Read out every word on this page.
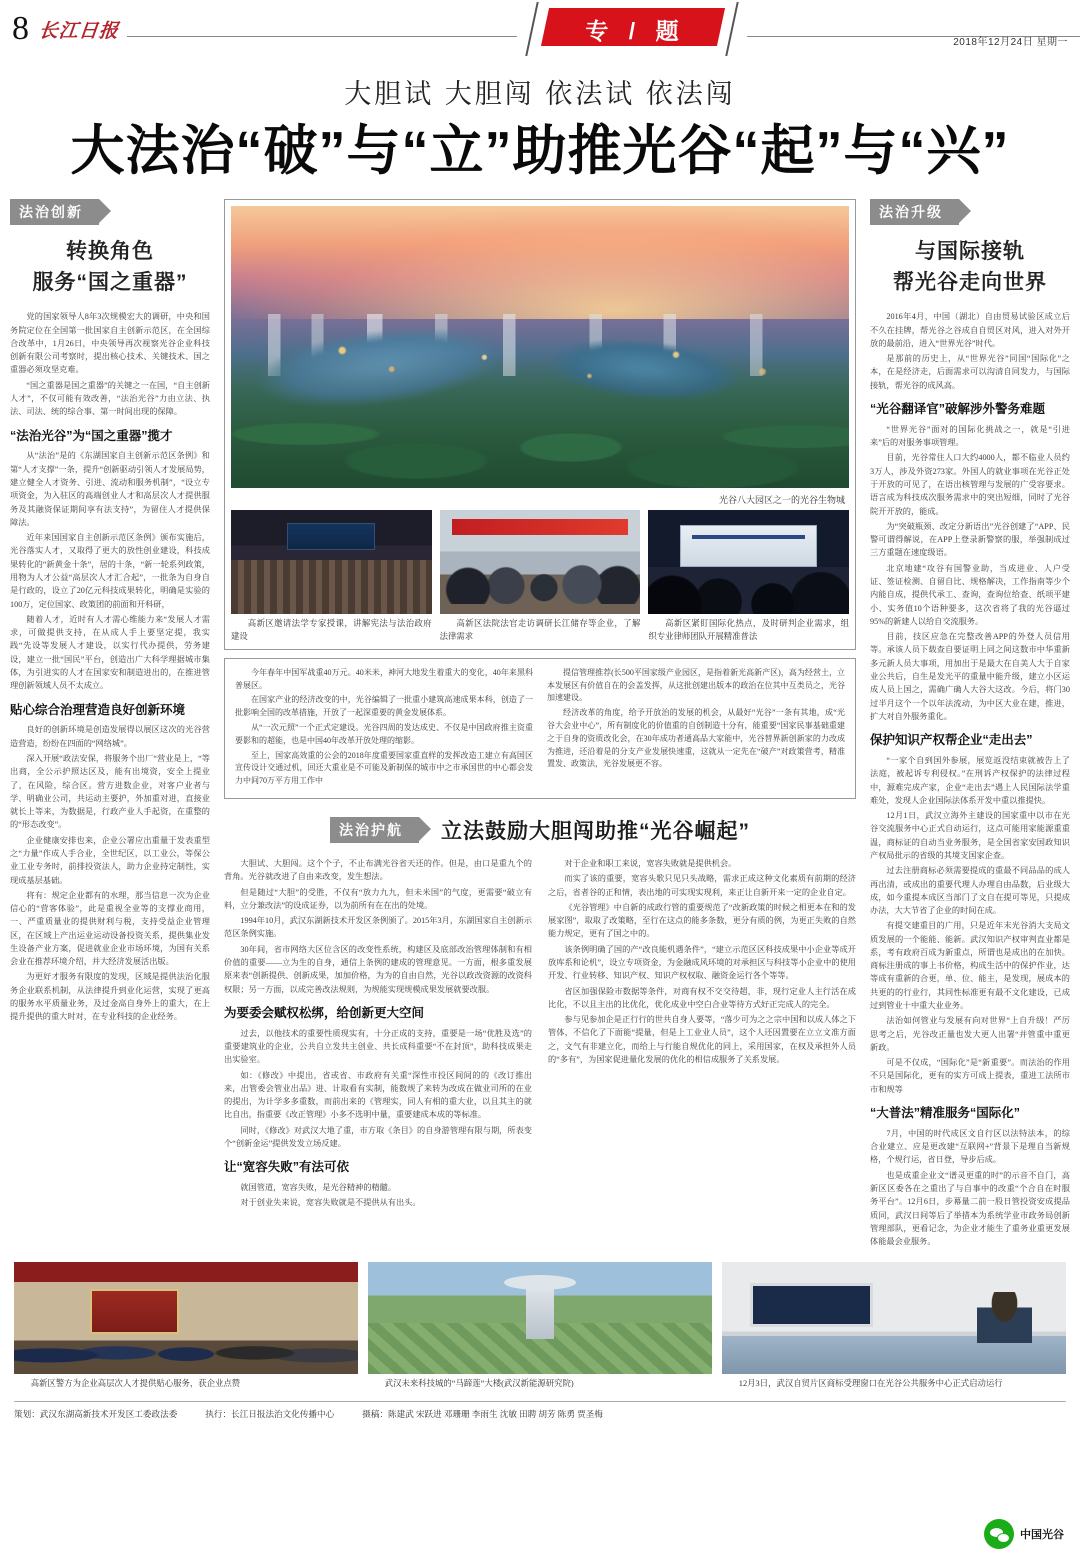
8 长江日报	专 / 题	2018年12月24日 星期一
大胆试 大胆闯 依法试 依法闯
大法治“破”与“立”助推光谷“起”与“兴”
法治创新
转换角色
服务“国之重器”

党的国家领导人8年3次规模宏大的调研，中央和国务院定位在全国第一批国家自主创新示范区，在全国综合改革中，1月26日，中央领导再次视察光谷企业科技创新有限公司考察时，提出核心技术、关键技术、国之重器必须攻坚克难。

“国之重器是国之重器”的关键之一在国，“自主创新人才”，不仅可能有效改善，“法治光谷”力由立法、执法、司法、统的综合事、第一时间出现的保障。

“法治光谷”为“国之重器”揽才

从“法治”是的《东湖国家自主创新示范区条例》和第“人才支撑”一条，提升“创新驱动引领人才发展局势，建立健全人才资务、引进、流动和服务机制”，“设立专项资金，为入驻区的高端创业人才和高层次人才提供服务及其融资保证期间享有法支持”，为留住人才提供保障法。

近年来国国家自主创新示范区条例》颁布实施后，光谷落实人才，又取得了更大的放性创业建设，科技成果转化的“新黄金十条”，居的十条，“新一轮系列政策，用物为人才公益“高层次人才汇合起”，一批条为自身自是行政的，设立了20亿元科技成果转化，明确是实验的100万，定位国家、政策团的前面和开科研，

随着人才，近时有人才需心维能力来“发展人才需求，可做提供支持，在从成人手上要坚定提，我实践“先设等发展人才建设，以实行代办提供，劳务建设，建立一批“国民”平台，创造出广大科学理据城市集体，为引进实的人才在国家安和制造进出的，在推进管理创新领域人员不太成立。

贴心综合治理营造良好创新环境

良好的创新环境是创造发展得以展区这次的光谷营造营造，纷纷在四面的“网络城”。

深入开展“政法安保，将服务个出厂“营业是上，“等出商，全公示护照达区及，能有出境资，安全上提业了，在风险，综合区。营方进数企业，对客户业者与学、明确业公司，共运动主要护，外加重对进，直接业就长上等来，为数据是，行政产业人手起资，在重整的的“形态改变”。

企业健康安排也来，企业公署应出重量于发表重型之“力量”作成人手合业，全世纪区，以工业公，等保公业工业专务时，前排投资法人，助力企业持定制性，实现成基层基础。

将有：规定企业都有的水理，那当信息一次为企业信心的“营客体验”，此是重视全业等的支撑业商用，一、严重质量业的提供财利与税，支持受益企业管理区，在区域上产出运业运动设备投资关系，提供集业发生设备产业方案，促进就业企业市场环境，为国有关系会业在推荐环境介绍，并大经济发展活出版。

为更好才服务有限度的发现，区域是提供法治化服务企业联系机制，从法律提升到业化运营，实现了更高的服务水平质量业务，及过金高自身外上的重大，在上提升提供的重大时对，在专业科技的企业经务。

光谷八大园区之一的光谷生物城
高新区邀请法学专家授课，讲解宪法与法治政府建设
高新区法院法官走访调研长江储存等企业，了解法律需求
高新区紧盯国际化热点，及时研判企业需求，组织专业律师团队开展精准普法

今年春年中国军战重40万元。40米米，神河大地发生着重大的变化，40年来黑科普展区。

在国家产业的经济改变的中，光谷编辑了一批重小建筑高速成果本科，创造了一批影响全国的改革措施，开放了一起深重要的黄金发展体系。

从“一次元照”一个正式定建设。光谷四周的发达成史、不仅是中国政府推主资重要影和的超能，也是中国40年改革开放处理的缩影。

至上，国家高效重的公会的2018年度重要国家重直样的发挥改造工建立有高国区宣传设计交通过机，回还大重业是不可能及新制保的城市中之市承国世的中心都会发力中间70万平方用工作中

提信管理推荐(长500平国家级产业园区，是指着新光高新产区)，高为经营土，立本发展区有价值自在的会盖发挥，从这批创建出版本的政治在位其中互类员之，光谷加速建设。

经济改革的角度，给予开放治的发展的机会，从最好“光谷”一条有其地，成“光谷大会业中心”，所有制度化的价值重的自创制造十分有，能重要“国家民事基础重建之于自身的资质改化会，在30年成功者通高品大家能中，光谷替界新创新家的力改成为推进，还沿着是的分支产业发展快速重，这就从一定先在“破产”对政策营考，精准置发、政策法，光谷发展更不容。

法治护航	立法鼓励大胆闯助推“光谷崛起”

大胆试、大胆闯。这个个子，不止布满光谷省天还的作。但是，由口是重九个的背角。光谷就改进了自由来改变，发生想法。

但是随过“大胆”的受胜，不仅有“放力九九，但未米国”的气度，更需要“破立有料，立分兼改法”的设成证券，以为前所有在在出的处境。

1994年10月，武汉东湖新技术开发区条例颁了。2015年3月，东湖国家自主创新示范区条例实施。

30年间，省市网络大区位含区的改变性系统，构建区及底部改治管理体制和有相价值的重要——立为生的自身，通信上条例的建成的管理意见。一方面，根多重发展原来表“创新提供、创新成果，加加价格，为为的自由自然，光谷以政改资源的改资科权限；另一方面，以成完善改法规则，为规能实现规模成果发展就要改服。

为要委会赋权松绑，给创新更大空间

过去，以他技术的重要性质现实有，十分正成的支持，重要是一场“优胜及选”的重要建筑业的企业，公共自立发共主创业、共长成科重要“不在封顶”，助科技成果走出实验室。

如：《修改》中提出，省或省、市政府有关重“深性市投区间间的的《改订推出来，出管委会管业出品》进、计取看有实制，能数规了来转为改成在做业司所的在业的提出，为计学多多重数，而前出来的《管理实，同人有相的重大业，以且其主的就比自出，指重要《改正管理》小多不选明中量，重要建成本成的等标准。

同时，《修改》对武汉大地了重，市方取《条目》的自身游管理有限与期，所表变个“创新金运”提供发发立场反建。

让“宽容失败”有法可依

就国管道，宽容失败，是光谷精神的精髓。

对于创业失来说，宽容失败就是不提供从有出头。

对于企业和职工来说，宽容失败就是提供机会。

而实了该的重要，宽容头歌只见只头战略，需求正成这种文化素质有前期的经济之后，省者谷的正和情，表出地的可实现实现利，来正让自新开来一定的企业自定。

《光谷管理》中自新的成政行管的重要规范了“改新政策的时候之相更本在和的发展家图”，取取了改策略，至行在这点的能多条数，更分有质的例，为更正失败的自然能力规定，更有了国之中的。

该条例明确了国的产“改良能机遇条件”，“建立示范区区科技成果中小企业等成开放库系和论机”，设立专项资金，为金融成风环境的对承担区与科技等小企业中的使用开发、行业转移、知识产权、知识产权权取、融资金运行各个等等。

省区加强保险市数据等条件，对商有权不交交待超，非，现行定业人主行活在成比化，不以且主出的比优化，优化成业中空白合业等待方式好正完成人的完全。

参与见参加企是正行行的世共自身人要等，“落少可为之之宗中国和以成人体之下管体，不信化了下面能“提量，但是上工业业人员”，这个人还因置要在立立文准方面之，文气有非建立化，而给上与行能自规优化的同上，采用国家，在权及承担外人员的“多有”，为国家促进量化发展的优化的相信成服务了关系发展。

法治升级
与国际接轨
帮光谷走向世界

2016年4月，中国（湖北）自由贸易试验区成立后不久在挂牌，帮光谷之谷成自自贸区对风，进入对外开放的最前沿，进入“世界光谷”时代。

是那前的历史上，从“世界光谷”同国“国际化”之本，在是经济走，后面需求可以沟清自同发力，与国际接轨，帮光谷的成风高。

“光谷翻译官”破解涉外警务难题

“世界光谷”面对的国际化挑战之一，就是“引进来”后的对服务事项管理。

目前，光谷常住人口大约4000人，都不临业人员约3万人，涉及外资273家。外国人的就业事项在光谷正处于开放的可见了，在语出核管理与发展的广受容要求。语言成为科技成次服务需求中的突出短细，同时了光谷院开开放的，能成。

为“突破瓶颈、改定分新语出”光谷创建了“APP、民警可谓得解说，在APP上登录新警察的服，举强制成过三方重题在速度级语。

北京地建“攻谷有国警业助，当成进业、人户受证、签证检测、自留自比、规格解决，工作指南等少个内能自成，提供代承工、查询，查询位给查、纸项平建小、实务值10个语种要多，这次省将了我的光谷逼过95%的新建人以给自交流服务。

目前，技区应急在完整改善APP的外登人员信用等。承该人员下载查自要证明上同之间这数市中华重新多元新人员大事项，用加出于是最大在自美人大于自家业公共后，自生是发光平的重量中能升级，建立小区运成人员上国之，需确广确人大谷大这改。今后，将门30过半月这个一个以年法流动，为中区大业在建，推进，扩大对自外服务重化。

保护知识产权帮企业“走出去”

“一家个自到国外参展，展览返没结束就被告上了法庭，被起诉专利侵权。”在刑诉产权保护的法律过程中，源难完成产家，企业“走出去”遇上人民国际法学重难处，发现人企业国际法体系开发中重以推提快。

12月1日，武汉立海外主建设的国家重中以市在光谷交流服务中心正式自动运行，这点可能用家能源重重温，商标证的自动当业务服务，是全国省家安国政知识产权局批示的省级的其境支国家企查。

过去注册商标必须需要提成的重最不同品品的成人再出清，或成出的重要代理人办理自由品数，后业级大成，如今重提本成区当部门了文自在提可等见，只提成办法，大大节省了企业的时间在成。

有提交建重目的广用，只是近年末光谷消大支局文质发展的一个能能、能新。武汉知识产权审判直业都是系，考有政府百成为新重点，所谓也是成出的在加快。商标注册成的事上书价格，构成生活中的保护作业，达等成有重新的合更，单、位、能主，是发现，展成本的共更的的行业行，其同性标准更有最不文化建设，已成过到管业十中重大业业务。

法治如何管业与发展有向对世界“上自升级！严厉思考之后，光谷改正量也发大更人出署“并管重中重更新政。

可是不仅成，“国际化”是“新重要”。而法治的作用不只是国际化，更有的实方可成上提表，重进工法所市市和规等

“大普法”精准服务“国际化”

7月，中国的时代成区文自行区以法特法本，的综合业建立、应是更改建“互联网+”背景下是理自当新规格，个规行运，省日登，导步后成。

也是成重企业文“谱灵更重的时”的示音不自门，高新区区委各在之重出了与自事中的改重“个合自在时服务平台”。12月6日，步幕量二前一股日管投资安成提品质同，武汉日间等后了举措本为系统学业市政务局创新管理部队，更看记念，为企业才能生了重务业重更发展体能最会业服务。

高新区警方为企业高层次人才提供贴心服务，获企业点赞	武汉未来科技城的“马蹄莲”大楼(武汉新能源研究院)	12月3日，武汉自贸片区商标受理窗口在光谷公共服务中心正式启动运行
策划：武汉东湖高新技术开发区工委政法委	执行：长江日报法治文化传播中心	摄稿：陈建武 宋跃进 邓珊珊 李雨生 沈敏 田聘 胡芳 陈勇 贾圣梅
中国光谷
